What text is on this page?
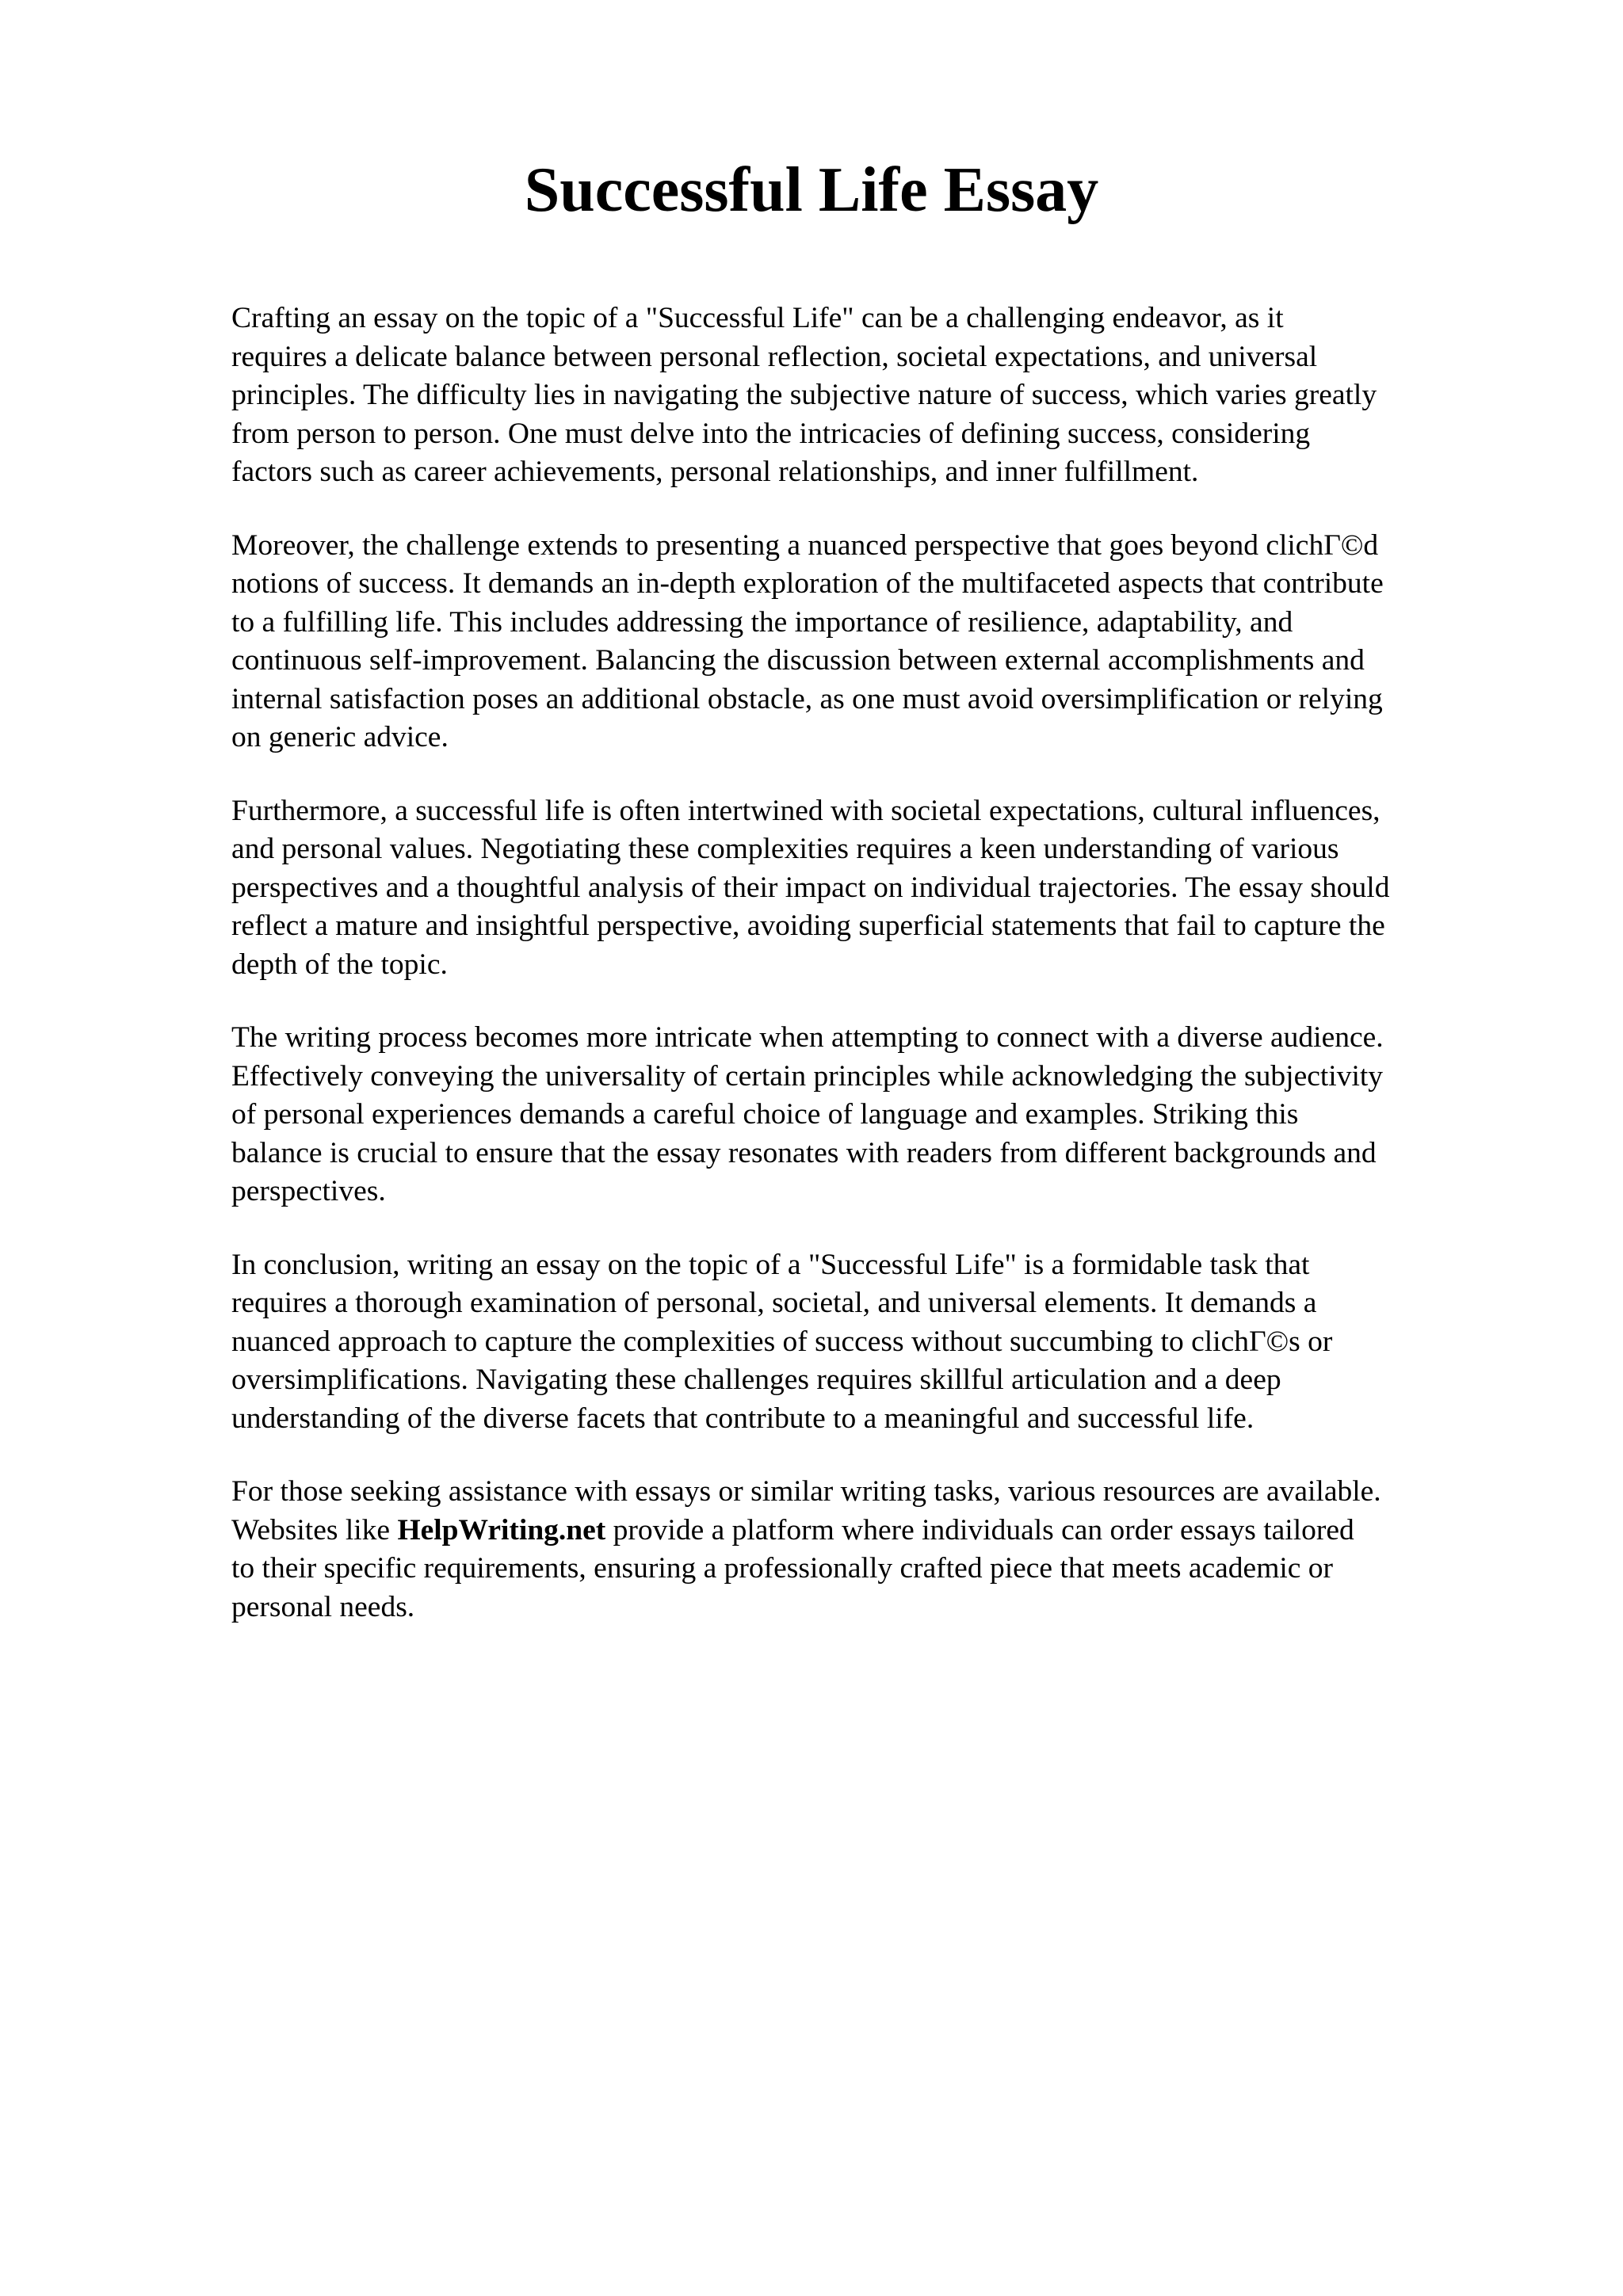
Successful Life Essay

Crafting an essay on the topic of a "Successful Life" can be a challenging endeavor, as it
requires a delicate balance between personal reflection, societal expectations, and universal
principles. The difficulty lies in navigating the subjective nature of success, which varies greatly
from person to person. One must delve into the intricacies of defining success, considering
factors such as career achievements, personal relationships, and inner fulfillment.

Moreover, the challenge extends to presenting a nuanced perspective that goes beyond clichΓ©d
notions of success. It demands an in-depth exploration of the multifaceted aspects that contribute
to a fulfilling life. This includes addressing the importance of resilience, adaptability, and
continuous self-improvement. Balancing the discussion between external accomplishments and
internal satisfaction poses an additional obstacle, as one must avoid oversimplification or relying
on generic advice.

Furthermore, a successful life is often intertwined with societal expectations, cultural influences,
and personal values. Negotiating these complexities requires a keen understanding of various
perspectives and a thoughtful analysis of their impact on individual trajectories. The essay should
reflect a mature and insightful perspective, avoiding superficial statements that fail to capture the
depth of the topic.

The writing process becomes more intricate when attempting to connect with a diverse audience.
Effectively conveying the universality of certain principles while acknowledging the subjectivity
of personal experiences demands a careful choice of language and examples. Striking this
balance is crucial to ensure that the essay resonates with readers from different backgrounds and
perspectives.

In conclusion, writing an essay on the topic of a "Successful Life" is a formidable task that
requires a thorough examination of personal, societal, and universal elements. It demands a
nuanced approach to capture the complexities of success without succumbing to clichΓ©s or
oversimplifications. Navigating these challenges requires skillful articulation and a deep
understanding of the diverse facets that contribute to a meaningful and successful life.

For those seeking assistance with essays or similar writing tasks, various resources are available.
Websites like HelpWriting.net provide a platform where individuals can order essays tailored
to their specific requirements, ensuring a professionally crafted piece that meets academic or
personal needs.
